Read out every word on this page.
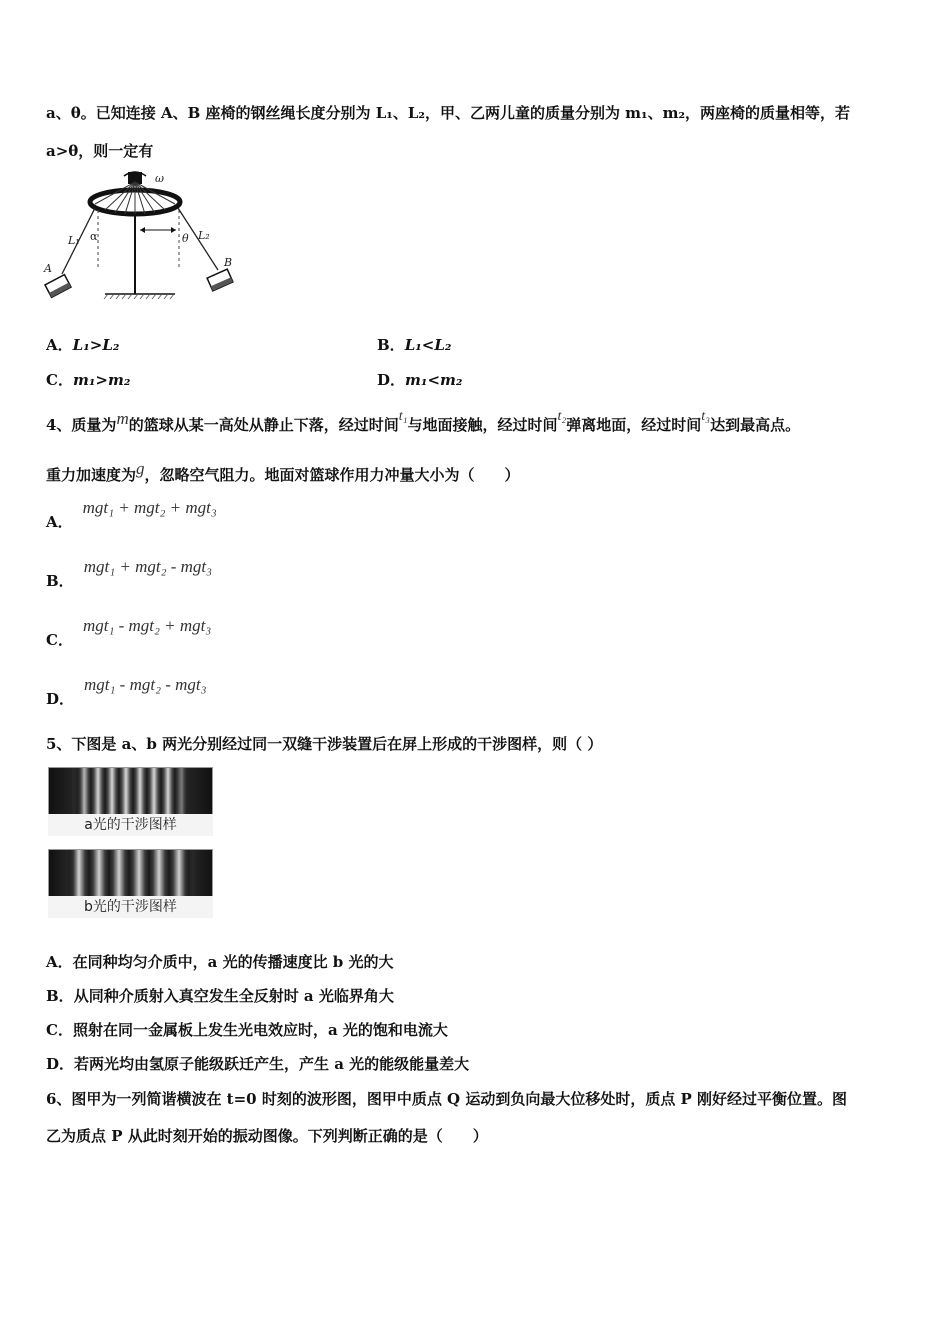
a、θ。已知连接 A、B 座椅的钢丝绳长度分别为 L₁、L₂，甲、乙两儿童的质量分别为 m₁、m₂，两座椅的质量相等，若
a>θ，则一定有
ω
L₁ α	θ L₂
A	B
A．L₁>L₂	B．L₁<L₂
C．m₁>m₂	D．m₁<m₂
4、质量为m的篮球从某一高处从静止下落，经过时间t₁与地面接触，经过时间t₂弹离地面，经过时间t₃达到最高点。
重力加速度为g，忽略空气阻力。地面对篮球作用力冲量大小为（　　）
A．mgt₁ + mgt₂ + mgt₃
B．mgt₁ + mgt₂ - mgt₃
C．mgt₁ - mgt₂ + mgt₃
D．mgt₁ - mgt₂ - mgt₃
5、下图是 a、b 两光分别经过同一双缝干涉装置后在屏上形成的干涉图样，则（ ）
a光的干涉图样
b光的干涉图样
A．在同种均匀介质中，a 光的传播速度比 b 光的大
B．从同种介质射入真空发生全反射时 a 光临界角大
C．照射在同一金属板上发生光电效应时，a 光的饱和电流大
D．若两光均由氢原子能级跃迁产生，产生 a 光的能级能量差大
6、图甲为一列简谐横波在 t=0 时刻的波形图，图甲中质点 Q 运动到负向最大位移处时，质点 P 刚好经过平衡位置。图
乙为质点 P 从此时刻开始的振动图像。下列判断正确的是（　　）
